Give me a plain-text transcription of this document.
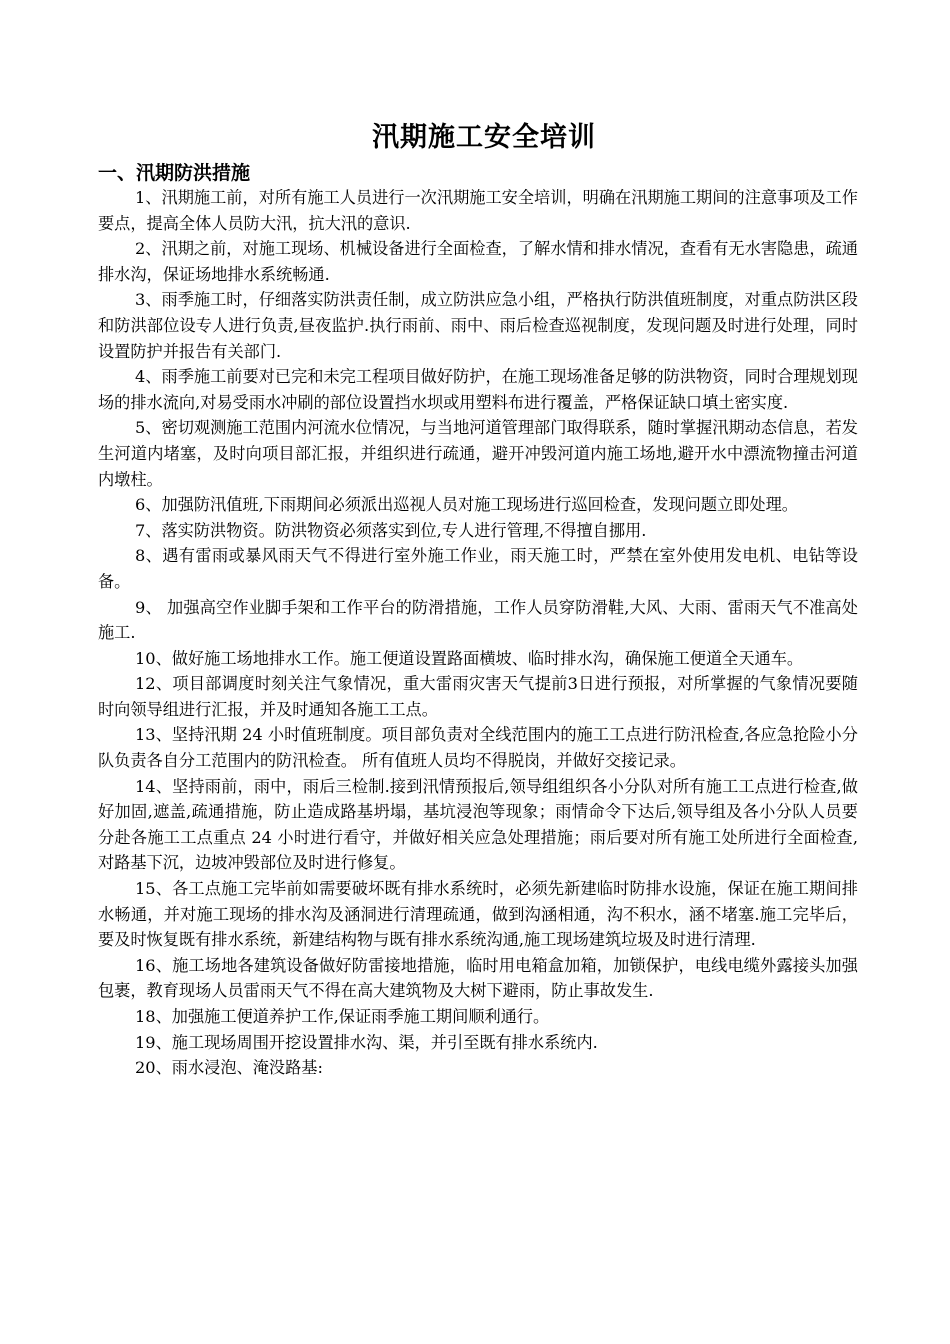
汛期施工安全培训
一、汛期防洪措施

1、汛期施工前，对所有施工人员进行一次汛期施工安全培训，明确在汛期施工期间的注意事项及工作要点，提高全体人员防大汛，抗大汛的意识.

2、汛期之前，对施工现场、机械设备进行全面检查，了解水情和排水情况，查看有无水害隐患，疏通排水沟，保证场地排水系统畅通.

3、雨季施工时，仔细落实防洪责任制，成立防洪应急小组，严格执行防洪值班制度，对重点防洪区段和防洪部位设专人进行负责,昼夜监护.执行雨前、雨中、雨后检查巡视制度，发现问题及时进行处理，同时设置防护并报告有关部门.

4、雨季施工前要对已完和未完工程项目做好防护，在施工现场准备足够的防洪物资，同时合理规划现场的排水流向,对易受雨水冲刷的部位设置挡水坝或用塑料布进行覆盖，严格保证缺口填土密实度.

5、密切观测施工范围内河流水位情况，与当地河道管理部门取得联系，随时掌握汛期动态信息，若发生河道内堵塞，及时向项目部汇报，并组织进行疏通，避开冲毁河道内施工场地,避开水中漂流物撞击河道内墩柱。

6、加强防汛值班,下雨期间必须派出巡视人员对施工现场进行巡回检查，发现问题立即处理。

7、落实防洪物资。防洪物资必须落实到位,专人进行管理,不得擅自挪用.

8、遇有雷雨或暴风雨天气不得进行室外施工作业，雨天施工时，严禁在室外使用发电机、电钻等设备。

9、 加强高空作业脚手架和工作平台的防滑措施，工作人员穿防滑鞋,大风、大雨、雷雨天气不准高处施工.

10、做好施工场地排水工作。施工便道设置路面横坡、临时排水沟，确保施工便道全天通车。

12、项目部调度时刻关注气象情况，重大雷雨灾害天气提前3日进行预报，对所掌握的气象情况要随时向领导组进行汇报，并及时通知各施工工点。

13、坚持汛期 24 小时值班制度。项目部负责对全线范围内的施工工点进行防汛检查,各应急抢险小分队负责各自分工范围内的防汛检查。 所有值班人员均不得脱岗，并做好交接记录。

14、坚持雨前，雨中，雨后三检制.接到汛情预报后,领导组组织各小分队对所有施工工点进行检查,做好加固,遮盖,疏通措施，防止造成路基坍塌，基坑浸泡等现象；雨情命令下达后,领导组及各小分队人员要分赴各施工工点重点 24 小时进行看守，并做好相关应急处理措施；雨后要对所有施工处所进行全面检查,对路基下沉，边坡冲毁部位及时进行修复。

15、各工点施工完毕前如需要破坏既有排水系统时，必须先新建临时防排水设施，保证在施工期间排水畅通，并对施工现场的排水沟及涵洞进行清理疏通，做到沟涵相通，沟不积水，涵不堵塞.施工完毕后，要及时恢复既有排水系统，新建结构物与既有排水系统沟通,施工现场建筑垃圾及时进行清理.

16、施工场地各建筑设备做好防雷接地措施，临时用电箱盒加箱，加锁保护，电线电缆外露接头加强包裹，教育现场人员雷雨天气不得在高大建筑物及大树下避雨，防止事故发生.

18、加强施工便道养护工作,保证雨季施工期间顺利通行。

19、施工现场周围开挖设置排水沟、渠，并引至既有排水系统内.

20、雨水浸泡、淹没路基:
